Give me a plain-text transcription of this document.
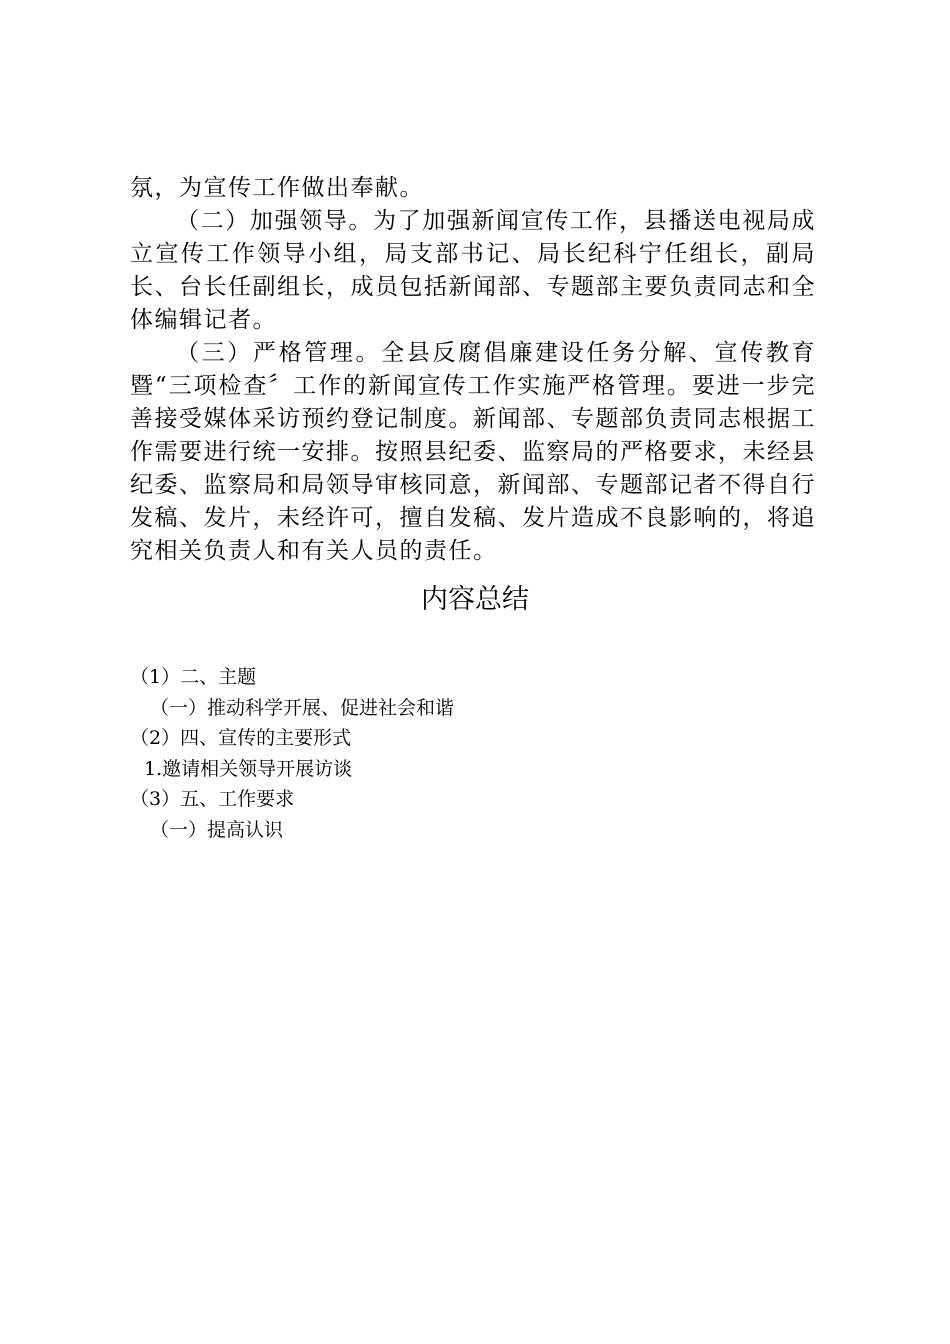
氛，为宣传工作做出奉献。

（二）加强领导。为了加强新闻宣传工作，县播送电视局成立宣传工作领导小组，局支部书记、局长纪科宁任组长，副局长、台长任副组长，成员包括新闻部、专题部主要负责同志和全体编辑记者。

（三）严格管理。全县反腐倡廉建设任务分解、宣传教育暨“三项检查〞工作的新闻宣传工作实施严格管理。要进一步完善接受媒体采访预约登记制度。新闻部、专题部负责同志根据工作需要进行统一安排。按照县纪委、监察局的严格要求，未经县纪委、监察局和局领导审核同意，新闻部、专题部记者不得自行发稿、发片，未经许可，擅自发稿、发片造成不良影响的，将追究相关负责人和有关人员的责任。

内容总结
（1）二、主题
（一）推动科学开展、促进社会和谐
（2）四、宣传的主要形式
1.邀请相关领导开展访谈
（3）五、工作要求
（一）提高认识
